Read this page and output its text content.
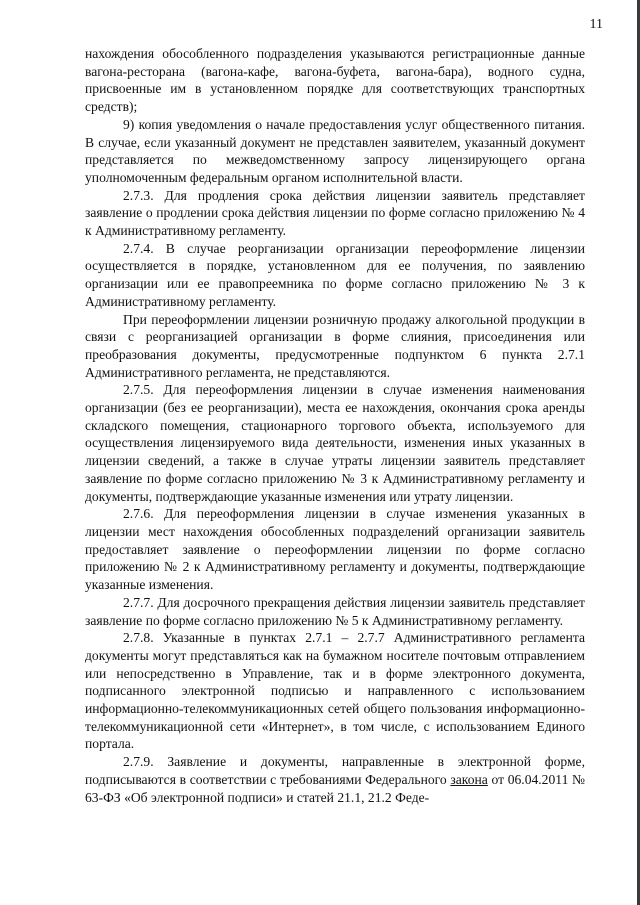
11

нахождения обособленного подразделения указываются регистрационные данные вагона-ресторана (вагона-кафе, вагона-буфета, вагона-бара), водного судна, присвоенные им в установленном порядке для соответствующих транспортных средств);

9) копия уведомления о начале предоставления услуг общественного питания. В случае, если указанный документ не представлен заявителем, указанный документ представляется по межведомственному запросу лицензирующего органа уполномоченным федеральным органом исполнительной власти.

2.7.3. Для продления срока действия лицензии заявитель представляет заявление о продлении срока действия лицензии по форме согласно приложению № 4 к Административному регламенту.

2.7.4. В случае реорганизации организации переоформление лицензии осуществляется в порядке, установленном для ее получения, по заявлению организации или ее правопреемника по форме согласно приложению № 3 к Административному регламенту.

При переоформлении лицензии розничную продажу алкогольной продукции в связи с реорганизацией организации в форме слияния, присоединения или преобразования документы, предусмотренные подпунктом 6 пункта 2.7.1 Административного регламента, не представляются.

2.7.5. Для переоформления лицензии в случае изменения наименования организации (без ее реорганизации), места ее нахождения, окончания срока аренды складского помещения, стационарного торгового объекта, используемого для осуществления лицензируемого вида деятельности, изменения иных указанных в лицензии сведений, а также в случае утраты лицензии заявитель представляет заявление по форме согласно приложению № 3 к Административному регламенту и документы, подтверждающие указанные изменения или утрату лицензии.

2.7.6. Для переоформления лицензии в случае изменения указанных в лицензии мест нахождения обособленных подразделений организации заявитель предоставляет заявление о переоформлении лицензии по форме согласно приложению № 2 к Административному регламенту и документы, подтверждающие указанные изменения.

2.7.7. Для досрочного прекращения действия лицензии заявитель представляет заявление по форме согласно приложению № 5 к Административному регламенту.

2.7.8. Указанные в пунктах 2.7.1 – 2.7.7 Административного регламента документы могут представляться как на бумажном носителе почтовым отправлением или непосредственно в Управление, так и в форме электронного документа, подписанного электронной подписью и направленного с использованием информационно-телекоммуникационных сетей общего пользования информационно-телекоммуникационной сети «Интернет», в том числе, с использованием Единого портала.

2.7.9. Заявление и документы, направленные в электронной форме, подписываются в соответствии с требованиями Федерального закона от 06.04.2011 № 63-ФЗ «Об электронной подписи» и статей 21.1, 21.2 Феде-
